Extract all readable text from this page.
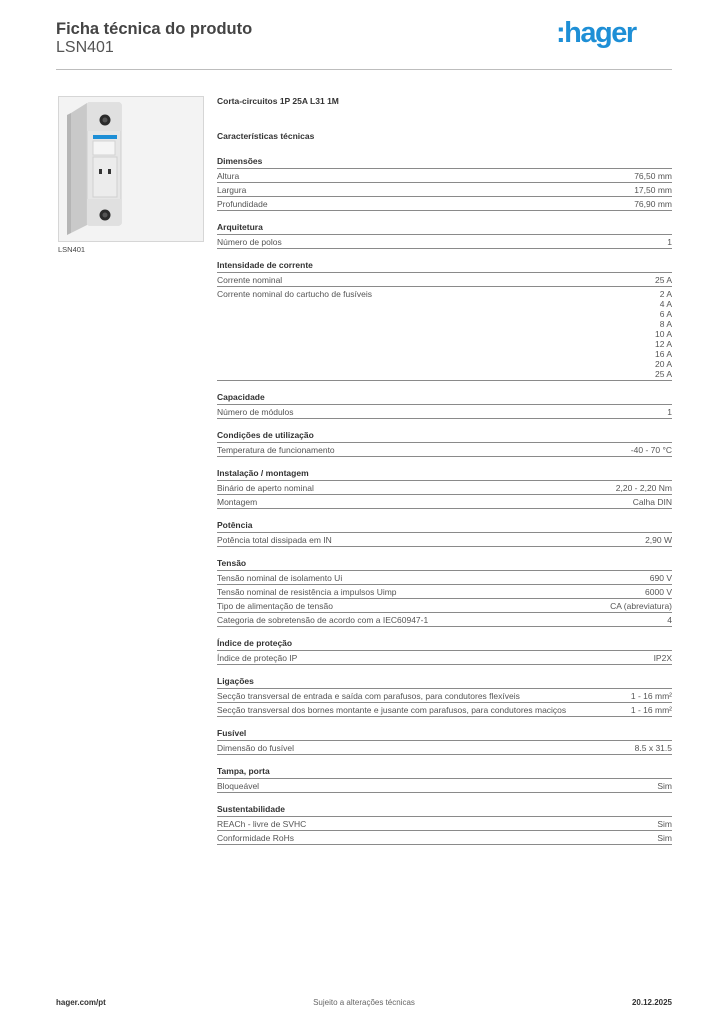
Ficha técnica do produto
LSN401	:hager
LSN401
Corta-circuitos 1P 25A L31 1M
Características técnicas
Dimensões
Altura	76,50 mm
Largura	17,50 mm
Profundidade	76,90 mm
Arquitetura
Número de polos	1
Intensidade de corrente
Corrente nominal	25 A
Corrente nominal do cartucho de fusíveis	2 A
4 A
6 A
8 A
10 A
12 A
16 A
20 A
25 A
Capacidade
Número de módulos	1
Condições de utilização
Temperatura de funcionamento	-40 - 70 °C
Instalação / montagem
Binário de aperto nominal	2,20 - 2,20 Nm
Montagem	Calha DIN
Potência
Potência total dissipada em IN	2,90 W
Tensão
Tensão nominal de isolamento Ui	690 V
Tensão nominal de resistência a impulsos Uimp	6000 V
Tipo de alimentação de tensão	CA (abreviatura)
Categoria de sobretensão de acordo com a IEC60947-1	4
Índice de proteção
Índice de proteção IP	IP2X
Ligações
Secção transversal de entrada e saída com parafusos, para condutores flexíveis	1 - 16 mm²
Secção transversal dos bornes montante e jusante com parafusos, para condutores maciços	1 - 16 mm²
Fusível
Dimensão do fusível	8.5 x 31.5
Tampa, porta
Bloqueável	Sim
Sustentabilidade
REACh - livre de SVHC	Sim
Conformidade RoHs	Sim
hager.com/pt	Sujeito a alterações técnicas	20.12.2025
